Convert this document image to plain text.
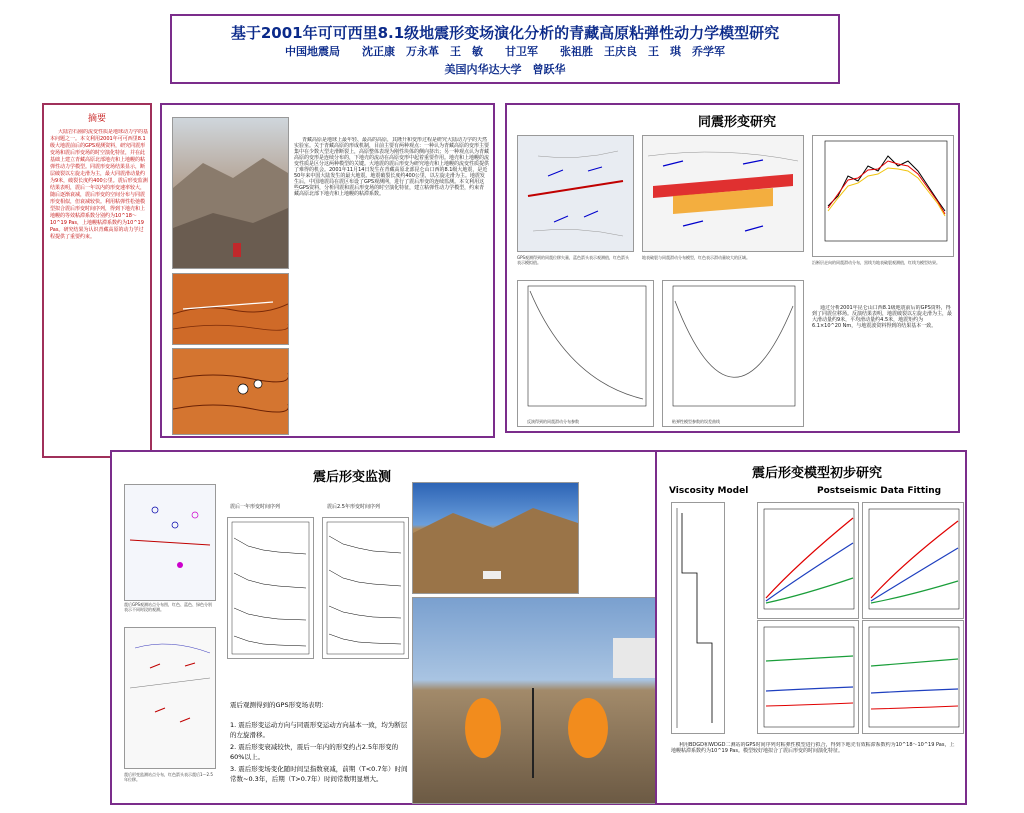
基于2001年可可西里8.1级地震形变场演化分析的青藏高原粘弹性动力学模型研究
中国地震局　　沈正康　万永革　王　敏　　甘卫军　　张祖胜　王庆良　王　琪　乔学军
美国内华达大学　曾跃华
摘要
大陆岩石圈的流变性质是地球动力学的基本问题之一。本文利用2001年可可西里8.1级大地震前后的GPS观测资料，研究同震形变场和震后形变场的时空演化特征，并在此基础上建立青藏高原北部地壳和上地幔的粘弹性动力学模型。同震形变场结果显示，断层破裂以左旋走滑为主，最大同震滑动量约为9米，破裂长度约400公里。震后形变监测结果表明，震后一年以内的形变速率较大，随后逐渐衰减，震后形变的空间分布与同震形变相似，但衰减较快。利用粘弹性松弛模型拟合震后形变时间序列，得到下地壳和上地幔的等效粘滞系数分别约为10^18～10^19 Pas，上地幔粘滞系数约为10^19 Pas。研究结果为认识青藏高原的动力学过程提供了重要约束。
青藏高原是地球上最年轻、最高的高原，其隆升和变形过程是研究大陆动力学的天然实验室。关于青藏高原的形成机制，目前主要有两种观点：一种认为青藏高原的变形主要集中在少数大型走滑断裂上，高原整体表现为刚性块体的侧向挤出；另一种观点认为青藏高原的变形是连续分布的，下地壳的流动在高原变形中起着重要作用。地壳和上地幔的流变性质是区分这两种模型的关键。大地震的震后形变为研究地壳和上地幔的流变性质提供了难得的机会。2001年11月14日发生在青藏高原北部昆仑山口西的8.1级大地震，是近50年来中国大陆发生的最大地震。地震破裂长度约400公里，以左旋走滑为主。地震发生后，中国地震局在震区布设了GPS观测网，进行了震后形变的连续监测。本文利用这些GPS资料，分析同震和震后形变场的时空演化特征，建立粘弹性动力学模型，约束青藏高原北部下地壳和上地幔的粘滞系数。
同震形变研究
GPS观测得到的同震位移矢量，蓝色箭头表示观测值，红色箭头表示模拟值。
地表破裂与同震滑动分布模型，红色表示滑动量较大的区域。
沿断层走向的同震滑动分布，黑线为地表破裂观测值，红线为模型结果。
反演得到的同震滑动分布参数	粘弹性模型参数的误差曲线
通过分析2001年昆仑山口西8.1级地震前后的GPS资料，得到了同震位移场。反演结果表明，地震破裂以左旋走滑为主，最大滑动量约9米，平均滑动量约4.5米，地震矩约为6.1×10^20 Nm，与地震波资料得到的结果基本一致。
震后形变监测
震后GPS观测站点分布图，红色、蓝色、绿色分别表示不同时段的观测。
震后形变监测站点分布，红色箭头表示震后1～2.5年位移。
震后一年形变时间序列	震后2.5年形变时间序列
震后观测得到的GPS形变场表明：
1. 震后形变运动方向与同震形变运动方向基本一致，均为断层的左旋滑移。
2. 震后形变衰减较快，震后一年内的形变约占2.5年形变的60%以上。
3. 震后形变场变化随时间呈指数衰减，前期（T<0.7年）时间常数~0.3年，后期（T>0.7年）时间常数明显增大。
震后形变模型初步研究
Viscosity Model	Postseismic Data Fitting
利用BDGD和WDGD二测站的GPS时间序列对粘弹性模型进行拟合，得到下地壳有效粘滞系数约为10^18～10^19 Pas，上地幔粘滞系数约为10^19 Pas。模型较好地拟合了震后形变的时间演化特征。
